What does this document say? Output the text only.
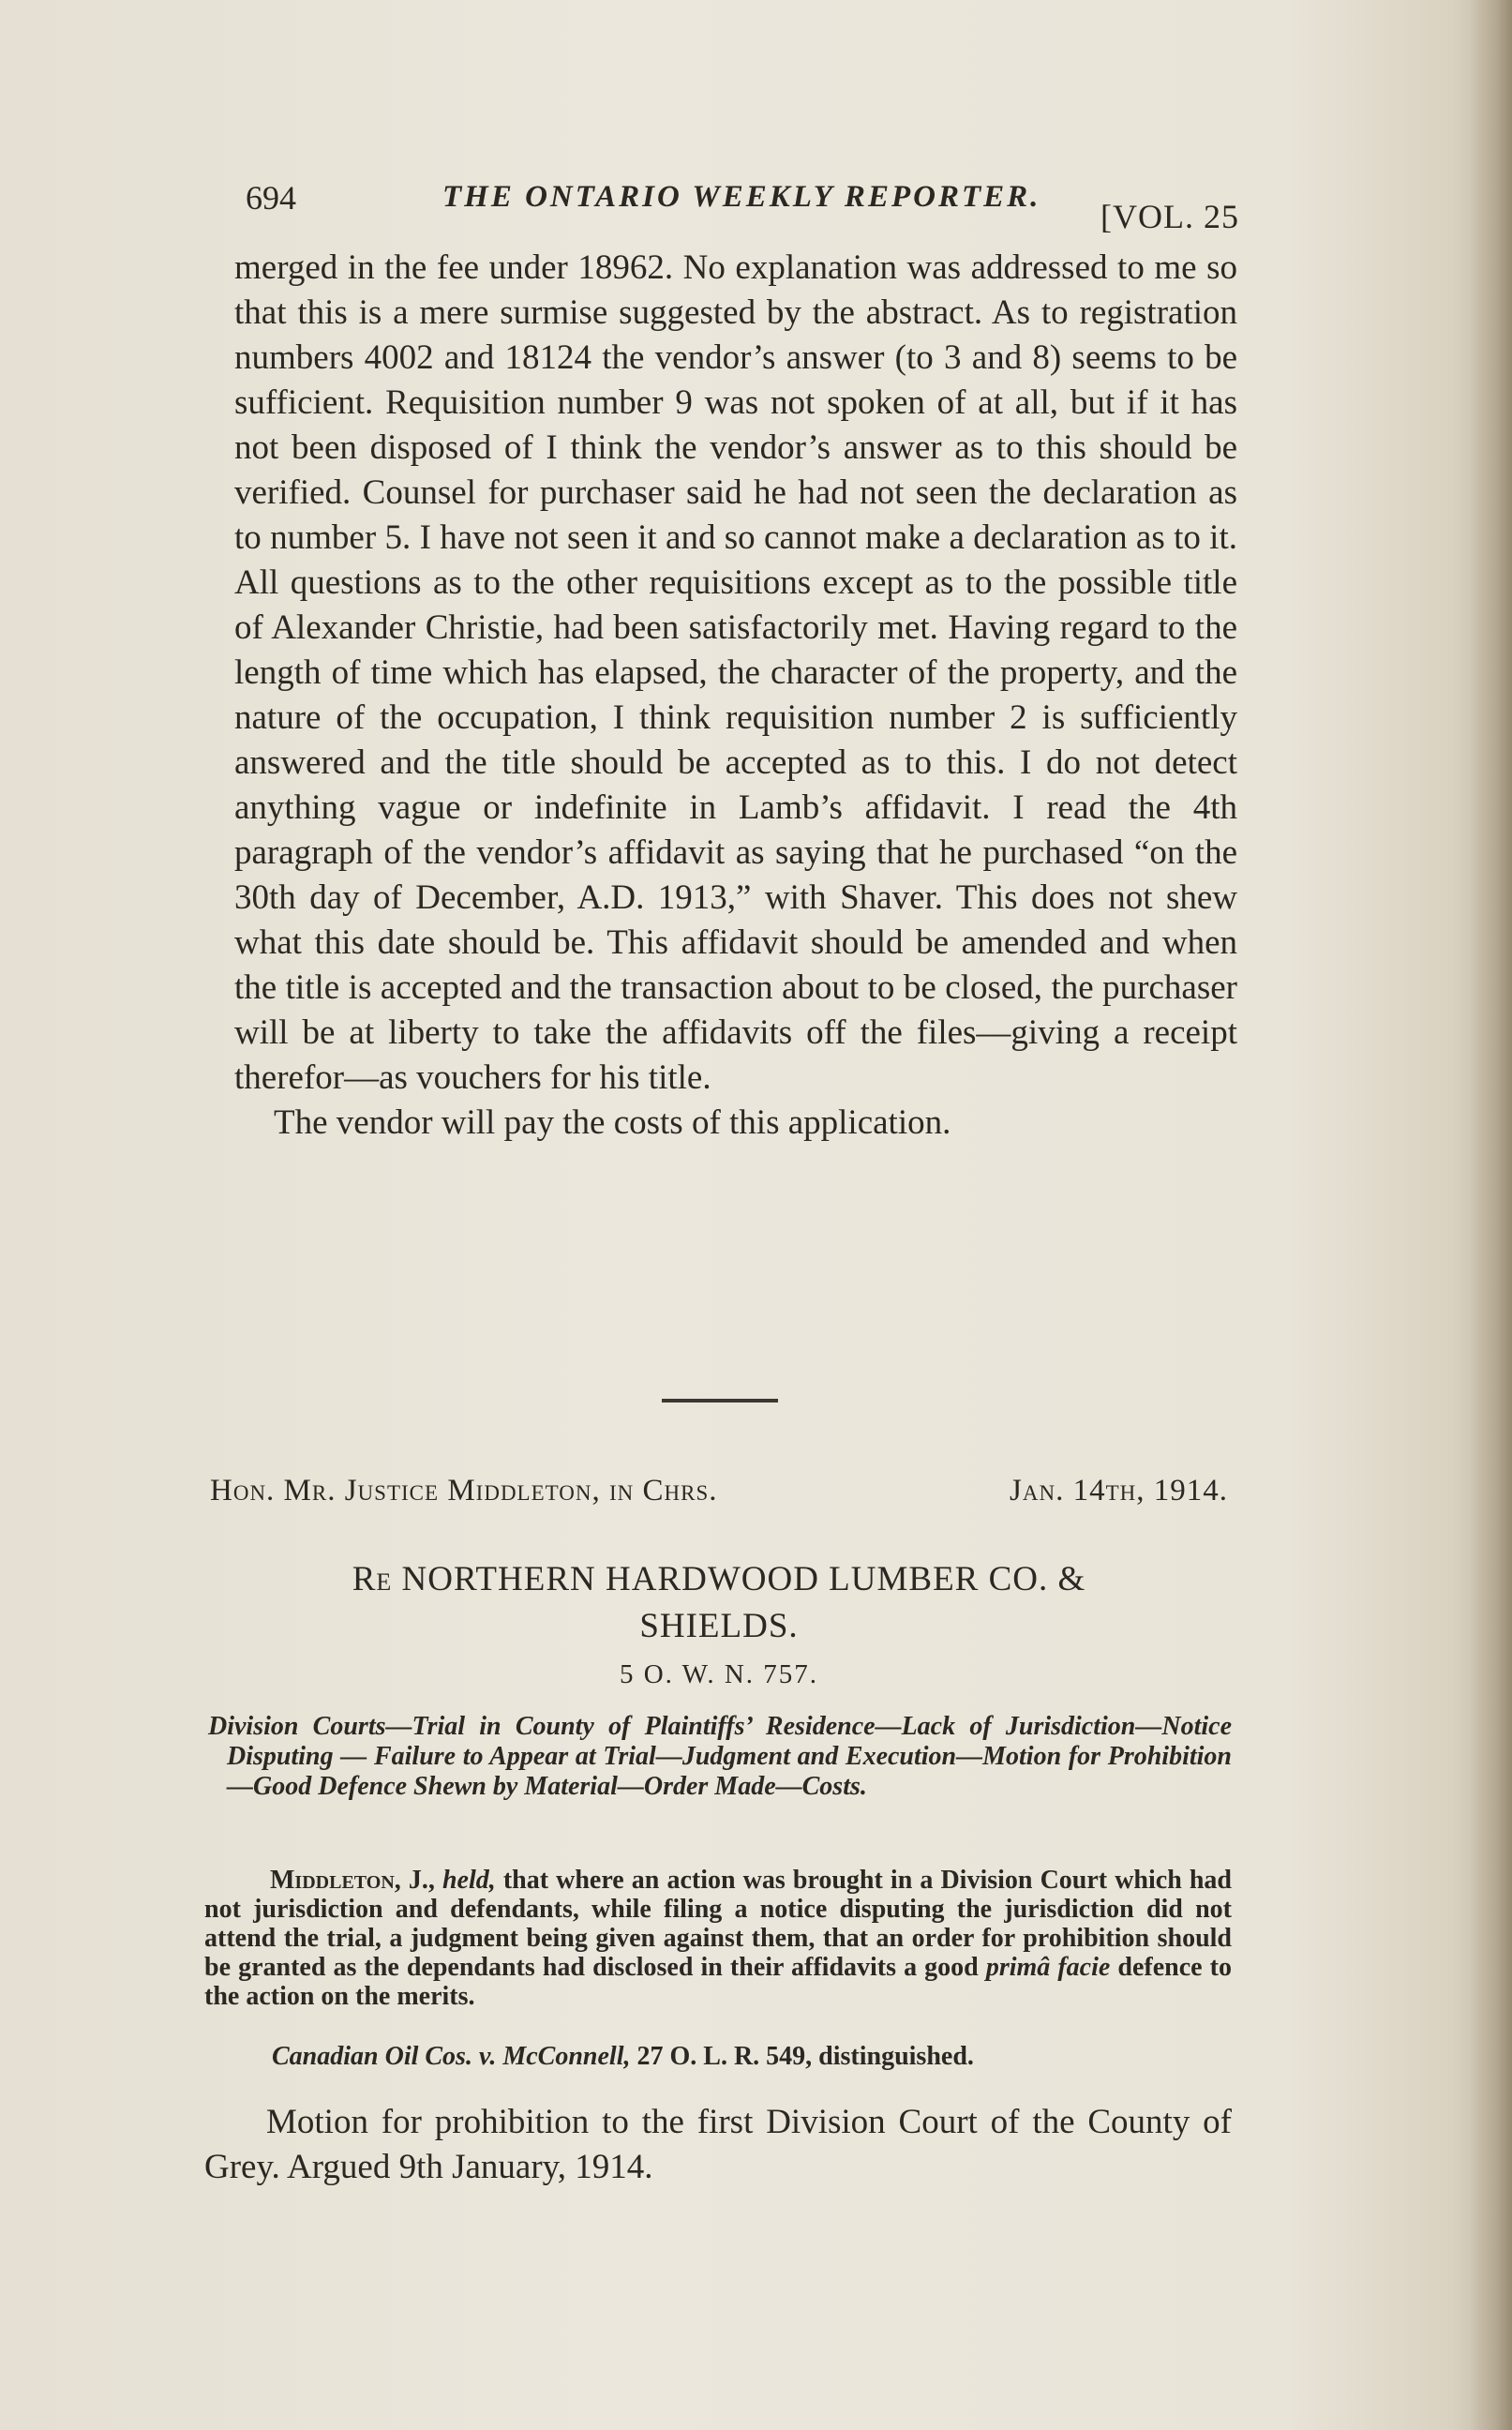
694	THE ONTARIO WEEKLY REPORTER.
[VOL. 25

merged in the fee under 18962. No explanation was addressed to me so that this is a mere surmise suggested by the abstract. As to registration numbers 4002 and 18124 the vendor’s answer (to 3 and 8) seems to be sufficient. Requisition number 9 was not spoken of at all, but if it has not been disposed of I think the vendor’s answer as to this should be verified. Counsel for purchaser said he had not seen the declaration as to number 5. I have not seen it and so cannot make a declaration as to it. All questions as to the other requisitions except as to the possible title of Alexander Christie, had been satisfactorily met. Having regard to the length of time which has elapsed, the character of the property, and the nature of the occupation, I think requisition number 2 is sufficiently answered and the title should be accepted as to this. I do not detect anything vague or indefinite in Lamb’s affidavit. I read the 4th paragraph of the vendor’s affidavit as saying that he purchased “on the 30th day of December, A.D. 1913,” with Shaver. This does not shew what this date should be. This affidavit should be amended and when the title is accepted and the transaction about to be closed, the purchaser will be at liberty to take the affidavits off the files—giving a receipt therefor—as vouchers for his title.

The vendor will pay the costs of this application.

Hon. Mr. Justice Middleton, in Chrs.	Jan. 14th, 1914.
Re NORTHERN HARDWOOD LUMBER CO. &
SHIELDS.
5 O. W. N. 757.
Division Courts—Trial in County of Plaintiffs’ Residence—Lack of Jurisdiction—Notice Disputing — Failure to Appear at Trial—Judgment and Execution—Motion for Prohibition—Good Defence Shewn by Material—Order Made—Costs.
Middleton, J., held, that where an action was brought in a Division Court which had not jurisdiction and defendants, while filing a notice disputing the jurisdiction did not attend the trial, a judgment being given against them, that an order for prohibition should be granted as the dependants had disclosed in their affidavits a good primâ facie defence to the action on the merits.
Canadian Oil Cos. v. McConnell, 27 O. L. R. 549, distinguished.
Motion for prohibition to the first Division Court of the County of Grey. Argued 9th January, 1914.
